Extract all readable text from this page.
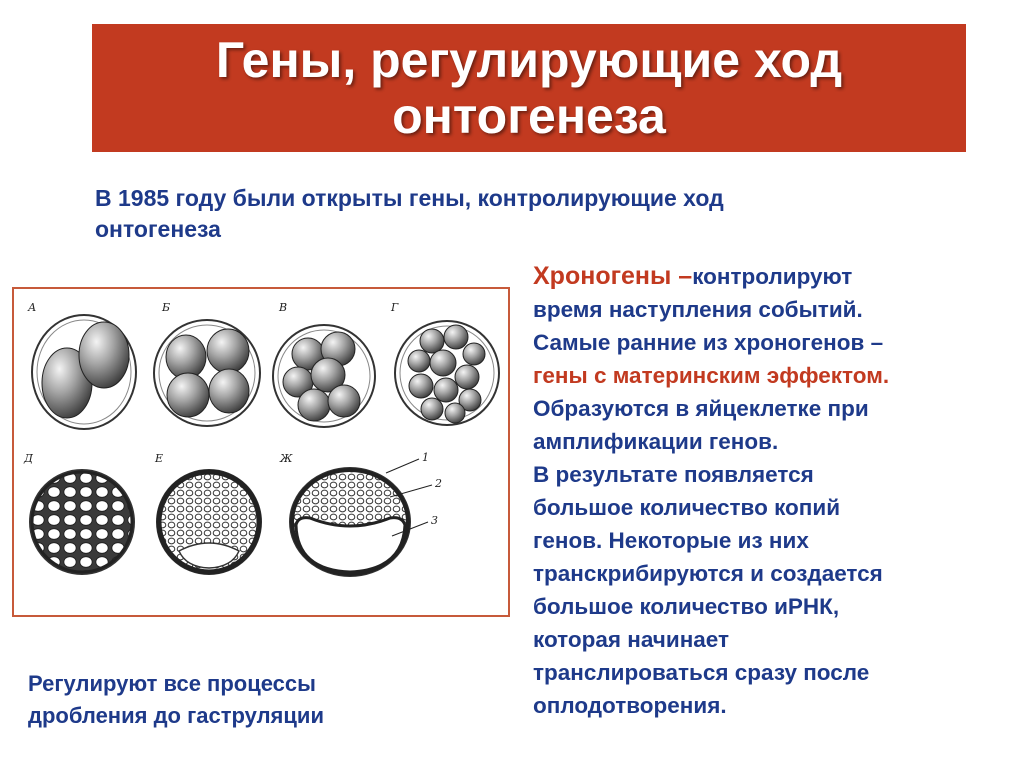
Гены, регулирующие ход
онтогенеза
В 1985 году были открыты гены, контролирующие ход
онтогенеза
А	Б	В	Г
Д	Е	Ж	1
2
3
Хроногены –контролируют
время наступления событий.
Самые ранние из хроногенов –
гены с материнским эффектом.
Образуются в яйцеклетке при
амплификации генов.
В результате появляется
большое количество копий
генов. Некоторые из них
транскрибируются и создается
большое количество иРНК,
которая начинает
транслироваться сразу после
оплодотворения.
Регулируют все процессы
дробления до гаструляции
